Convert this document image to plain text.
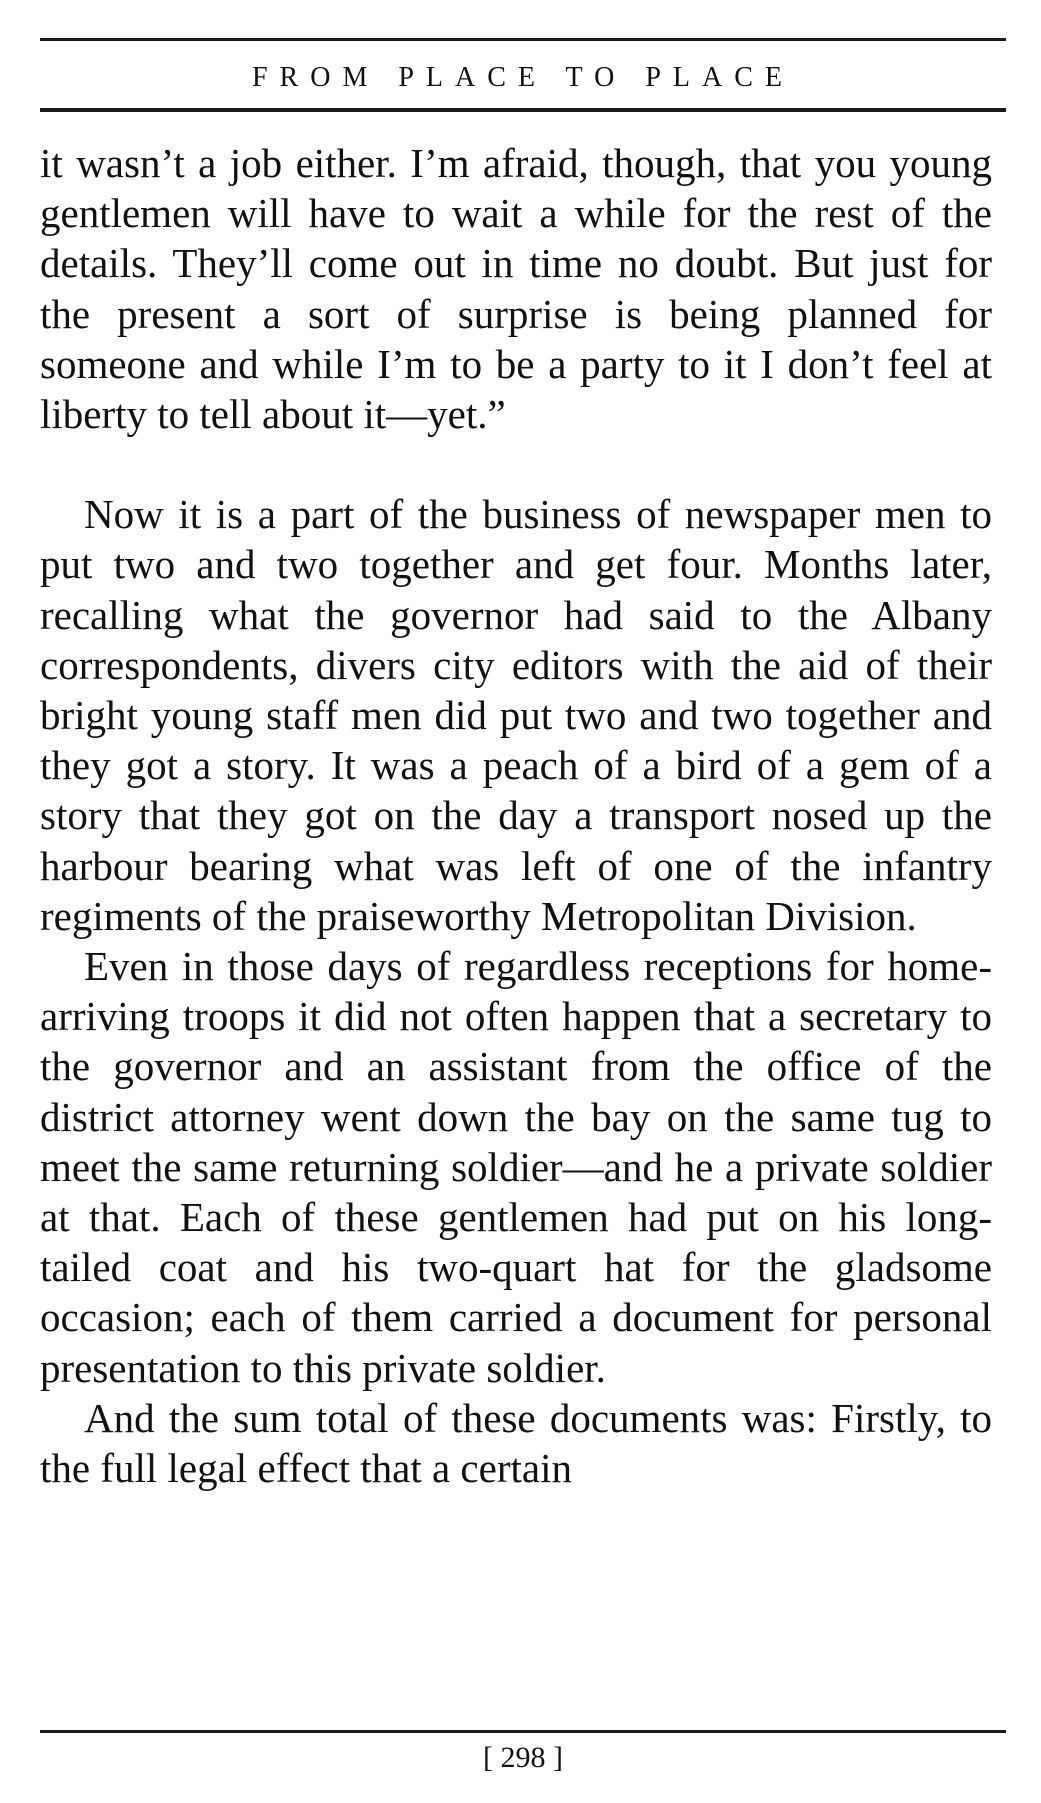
FROM PLACE TO PLACE

it wasn’t a job either. I’m afraid, though, that you young gentlemen will have to wait a while for the rest of the details. They’ll come out in time no doubt. But just for the present a sort of surprise is being planned for someone and while I’m to be a party to it I don’t feel at liberty to tell about it—yet.”

Now it is a part of the business of newspaper men to put two and two together and get four. Months later, recalling what the governor had said to the Albany correspondents, divers city editors with the aid of their bright young staff men did put two and two together and they got a story. It was a peach of a bird of a gem of a story that they got on the day a transport nosed up the harbour bearing what was left of one of the infantry regiments of the praiseworthy Metropolitan Division.

Even in those days of regardless receptions for home-arriving troops it did not often happen that a secretary to the governor and an assistant from the office of the district attorney went down the bay on the same tug to meet the same returning soldier—and he a private soldier at that. Each of these gentlemen had put on his long-tailed coat and his two-quart hat for the gladsome occasion; each of them carried a document for personal presentation to this private soldier.

And the sum total of these documents was: Firstly, to the full legal effect that a certain

[ 298 ]
